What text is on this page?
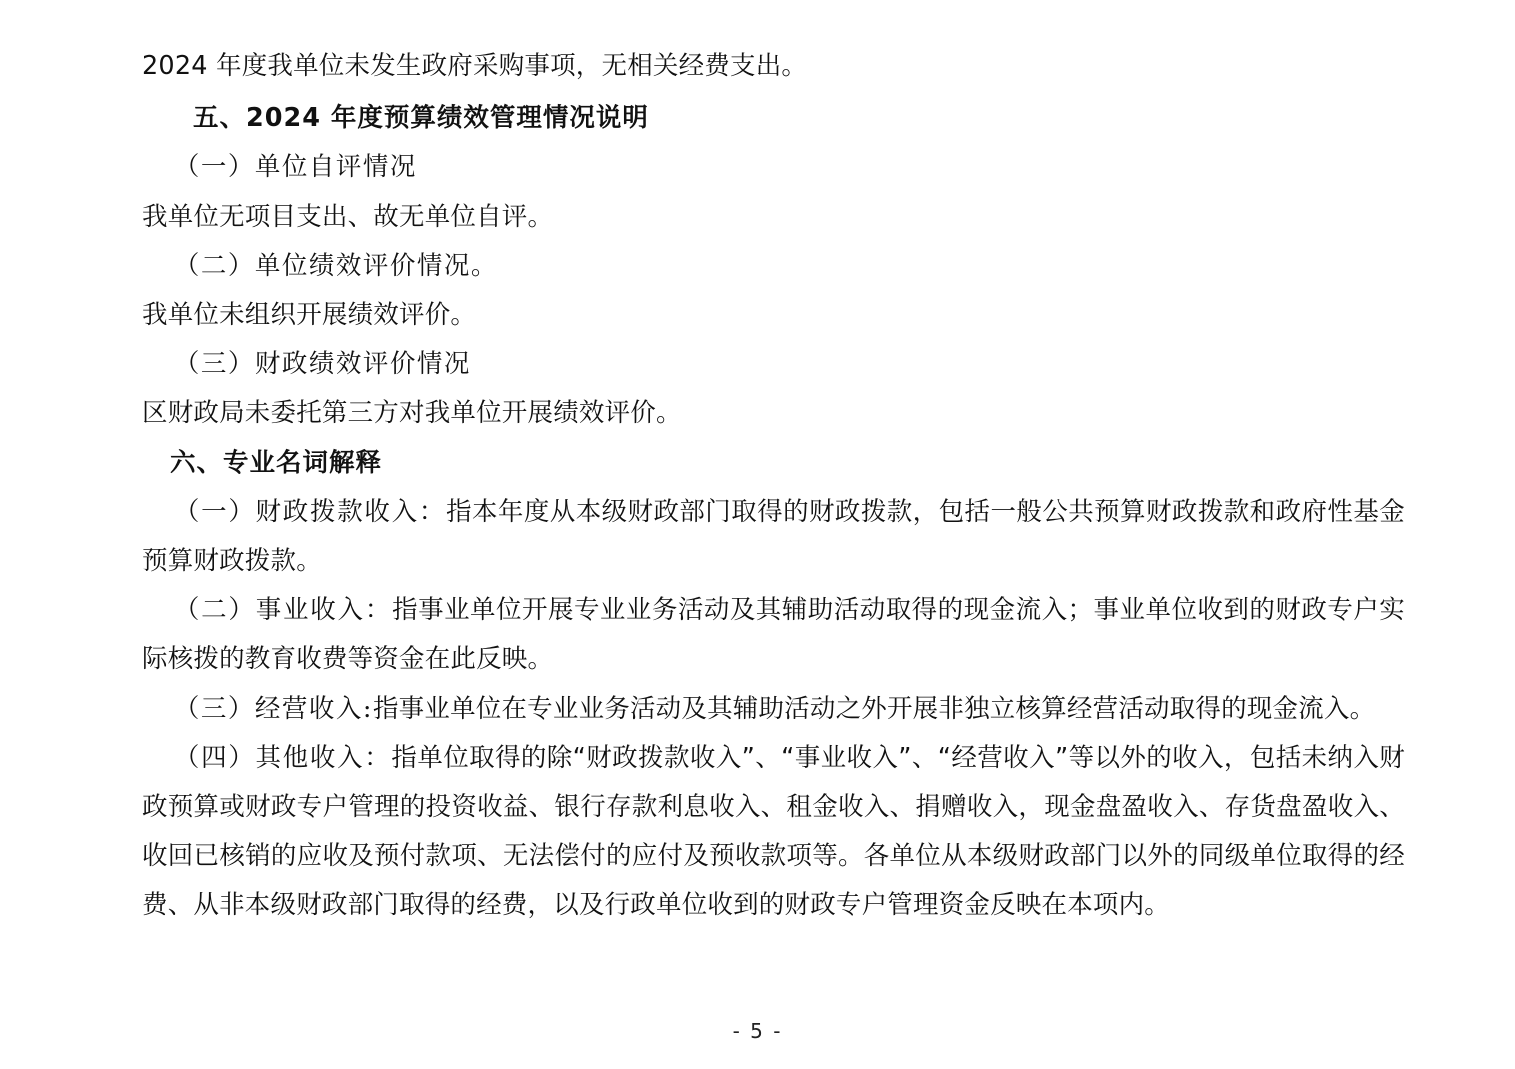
2024 年度我单位未发生政府采购事项，无相关经费支出。

五、2024 年度预算绩效管理情况说明

（一）单位自评情况

我单位无项目支出、故无单位自评。

（二）单位绩效评价情况。

我单位未组织开展绩效评价。

（三）财政绩效评价情况

区财政局未委托第三方对我单位开展绩效评价。

六、专业名词解释

（一）财政拨款收入：指本年度从本级财政部门取得的财政拨款，包括一般公共预算财政拨款和政府性基金预算财政拨款。

（二）事业收入：指事业单位开展专业业务活动及其辅助活动取得的现金流入；事业单位收到的财政专户实际核拨的教育收费等资金在此反映。

（三）经营收入:指事业单位在专业业务活动及其辅助活动之外开展非独立核算经营活动取得的现金流入。

（四）其他收入：指单位取得的除“财政拨款收入”、“事业收入”、“经营收入”等以外的收入，包括未纳入财政预算或财政专户管理的投资收益、银行存款利息收入、租金收入、捐赠收入，现金盘盈收入、存货盘盈收入、收回已核销的应收及预付款项、无法偿付的应付及预收款项等。各单位从本级财政部门以外的同级单位取得的经费、从非本级财政部门取得的经费，以及行政单位收到的财政专户管理资金反映在本项内。

- 5 -
